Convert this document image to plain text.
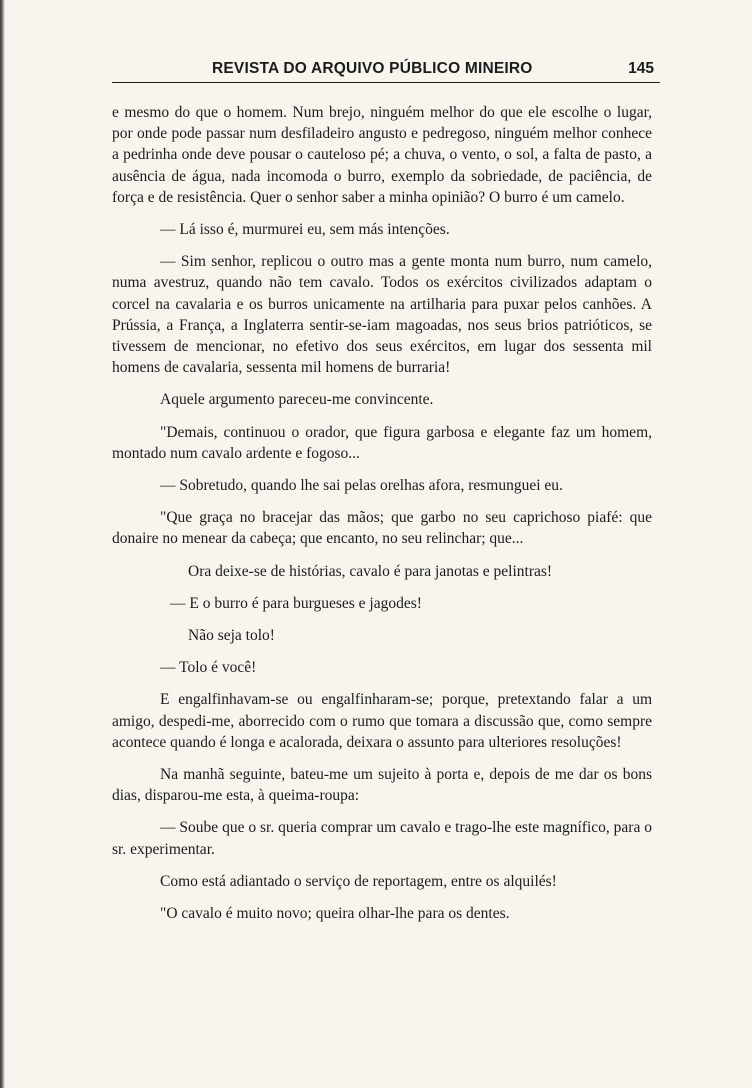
REVISTA DO ARQUIVO PÚBLICO MINEIRO	145

e mesmo do que o homem. Num brejo, ninguém melhor do que ele escolhe o lugar, por onde pode passar num desfiladeiro angusto e pedregoso, ninguém melhor conhece a pedrinha onde deve pousar o cauteloso pé; a chuva, o vento, o sol, a falta de pasto, a ausência de água, nada incomoda o burro, exemplo da sobriedade, de paciência, de força e de resistência. Quer o senhor saber a minha opinião? O burro é um camelo.

— Lá isso é, murmurei eu, sem más intenções.

— Sim senhor, replicou o outro mas a gente monta num burro, num camelo, numa avestruz, quando não tem cavalo. Todos os exércitos civilizados adaptam o corcel na cavalaria e os burros unicamente na artilharia para puxar pelos canhões. A Prússia, a França, a Inglaterra sentir-se-iam magoadas, nos seus brios patrióticos, se tivessem de mencionar, no efetivo dos seus exércitos, em lugar dos sessenta mil homens de cavalaria, sessenta mil homens de burraria!

Aquele argumento pareceu-me convincente.

"Demais, continuou o orador, que figura garbosa e elegante faz um homem, montado num cavalo ardente e fogoso...

— Sobretudo, quando lhe sai pelas orelhas afora, resmunguei eu.

"Que graça no bracejar das mãos; que garbo no seu caprichoso piafé: que donaire no menear da cabeça; que encanto, no seu relinchar; que...

Ora deixe-se de histórias, cavalo é para janotas e pelintras!

— E o burro é para burgueses e jagodes!

Não seja tolo!

— Tolo é você!

E engalfinhavam-se ou engalfinharam-se; porque, pretextando falar a um amigo, despedi-me, aborrecido com o rumo que tomara a discussão que, como sempre acontece quando é longa e acalorada, deixara o assunto para ulteriores resoluções!

Na manhã seguinte, bateu-me um sujeito à porta e, depois de me dar os bons dias, disparou-me esta, à queima-roupa:

— Soube que o sr. queria comprar um cavalo e trago-lhe este magnífico, para o sr. experimentar.

Como está adiantado o serviço de reportagem, entre os alquilés!

"O cavalo é muito novo; queira olhar-lhe para os dentes.
